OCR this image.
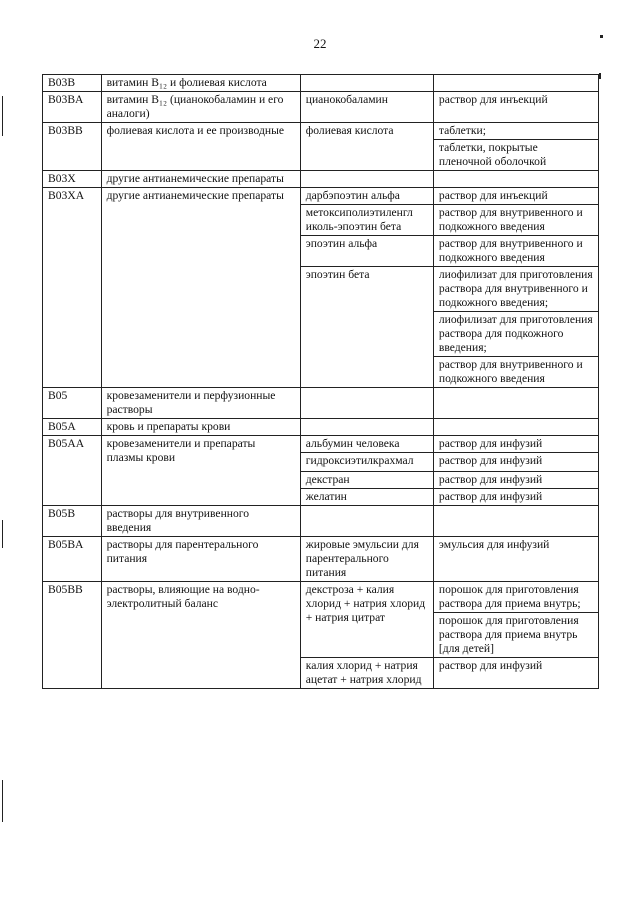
22
B03B	витамин B₁₂ и фолиевая кислота		
B03BA	витамин B₁₂ (цианокобаламин и его аналоги)	цианокобаламин	раствор для инъекций
B03BB	фолиевая кислота и ее производные	фолиевая кислота	таблетки;
			таблетки, покрытые пленочной оболочкой
B03X	другие антианемические препараты		
B03XA	другие антианемические препараты	дарбэпоэтин альфа	раствор для инъекций
		метоксиполиэтиленгл иколь-эпоэтин бета	раствор для внутривенного и подкожного введения
		эпоэтин альфа	раствор для внутривенного и подкожного введения
		эпоэтин бета	лиофилизат для приготовления раствора для внутривенного и подкожного введения;
			лиофилизат для приготовления раствора для подкожного введения;
			раствор для внутривенного и подкожного введения
B05	кровезаменители и перфузионные растворы		
B05A	кровь и препараты крови		
B05AA	кровезаменители и препараты плазмы крови	альбумин человека	раствор для инфузий
		гидроксиэтилкрахмал	раствор для инфузий
		декстран	раствор для инфузий
		желатин	раствор для инфузий
B05B	растворы для внутривенного введения		
B05BA	растворы для парентерального питания	жировые эмульсии для парентерального питания	эмульсия для инфузий
B05BB	растворы, влияющие на водно-электролитный баланс	декстроза + калия хлорид + натрия хлорид + натрия цитрат	порошок для приготовления раствора для приема внутрь;
			порошок для приготовления раствора для приема внутрь [для детей]
		калия хлорид + натрия ацетат + натрия хлорид	раствор для инфузий
